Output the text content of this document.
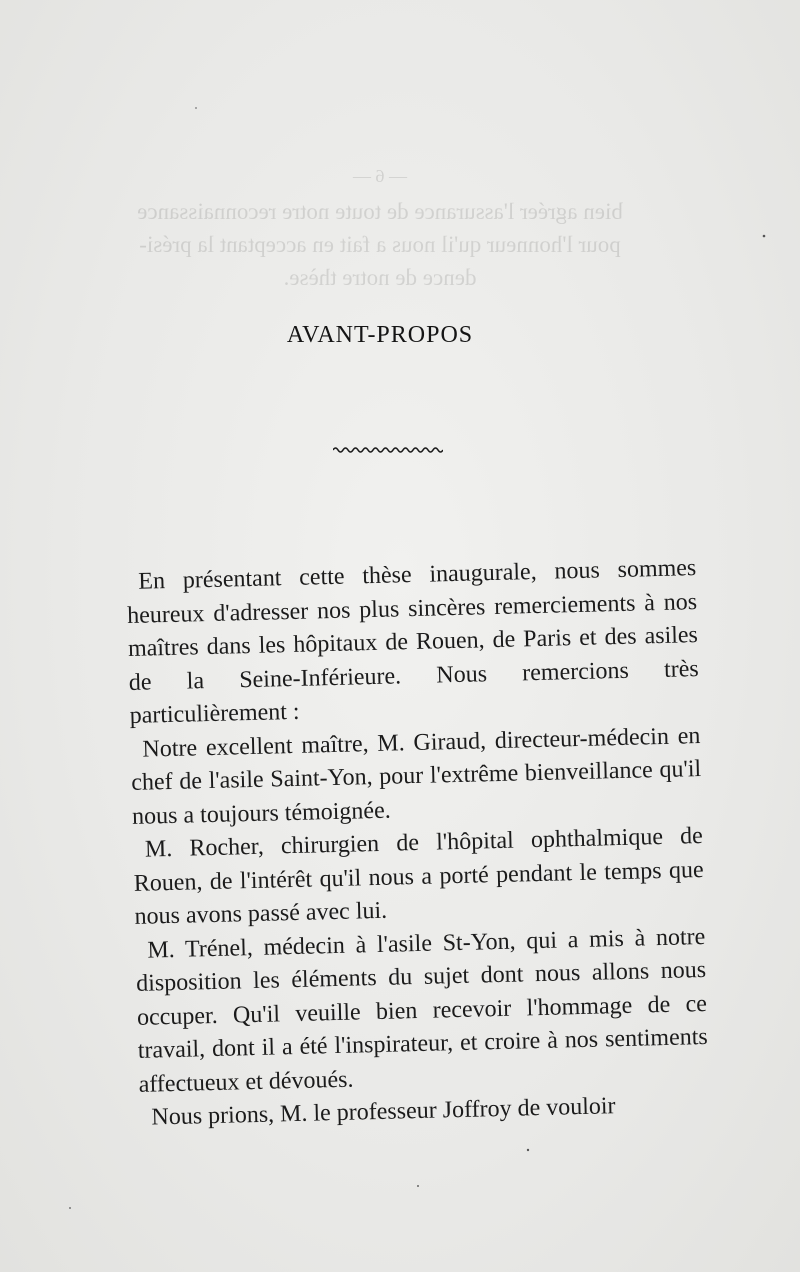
— 6 —
bien agréer l'assurance de toute notre reconnaissance
pour l'honneur qu'il nous a fait en acceptant la prési-
dence de notre thèse.
AVANT-PROPOS

En présentant cette thèse inaugurale, nous sommes heureux d'adresser nos plus sincères remerciements à nos maîtres dans les hôpitaux de Rouen, de Paris et des asiles de la Seine-Inférieure. Nous remercions très particulièrement :

Notre excellent maître, M. Giraud, directeur-médecin en chef de l'asile Saint-Yon, pour l'extrême bienveillance qu'il nous a toujours témoignée.

M. Rocher, chirurgien de l'hôpital ophthalmique de Rouen, de l'intérêt qu'il nous a porté pendant le temps que nous avons passé avec lui.

M. Trénel, médecin à l'asile St-Yon, qui a mis à notre disposition les éléments du sujet dont nous allons nous occuper. Qu'il veuille bien recevoir l'hommage de ce travail, dont il a été l'inspirateur, et croire à nos sentiments affectueux et dévoués.

Nous prions, M. le professeur Joffroy de vouloir
